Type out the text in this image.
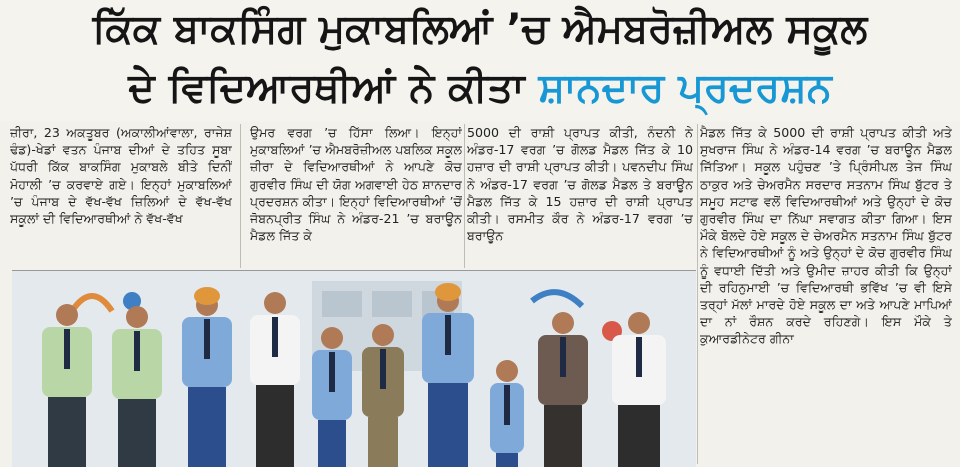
ਕਿੱਕ ਬਾਕਸਿੰਗ ਮੁਕਾਬਲਿਆਂ ’ਚ ਐਮਬਰੋਜ਼ੀਅਲ ਸਕੂਲ
ਦੇ ਵਿਦਿਆਰਥੀਆਂ ਨੇ ਕੀਤਾ ਸ਼ਾਨਦਾਰ ਪ੍ਰਦਰਸ਼ਨ

ਜ਼ੀਰਾ, 23 ਅਕਤੂਬਰ (ਅਕਾਲੀਆਂਵਾਲਾ, ਰਾਜੇਸ਼ ਢੰਡ)-ਖੇਡਾਂ ਵਤਨ ਪੰਜਾਬ ਦੀਆਂ ਦੇ ਤਹਿਤ ਸੂਬਾ ਪੱਧਰੀ ਕਿੱਕ ਬਾਕਸਿੰਗ ਮੁਕਾਬਲੇ ਬੀਤੇ ਦਿਨੀਂ ਮੋਹਾਲੀ ’ਚ ਕਰਵਾਏ ਗਏ। ਇਨ੍ਹਾਂ ਮੁਕਾਬਲਿਆਂ ’ਚ ਪੰਜਾਬ ਦੇ ਵੱਖ-ਵੱਖ ਜ਼ਿਲਿਆਂ ਦੇ ਵੱਖ-ਵੱਖ ਸਕੂਲਾਂ ਦੀ ਵਿਦਿਆਰਥੀਆਂ ਨੇ ਵੱਖ-ਵੱਖ

ਉਮਰ ਵਰਗ ’ਚ ਹਿੱਸਾ ਲਿਆ। ਇਨ੍ਹਾਂ ਮੁਕਾਬਲਿਆਂ ’ਚ ਐਮਬਰੋਜ਼ੀਅਲ ਪਬਲਿਕ ਸਕੂਲ ਜ਼ੀਰਾ ਦੇ ਵਿਦਿਆਰਥੀਆਂ ਨੇ ਆਪਣੇ ਕੋਚ ਗੁਰਵੀਰ ਸਿੰਘ ਦੀ ਯੋਗ ਅਗਵਾਈ ਹੇਠ ਸ਼ਾਨਦਾਰ ਪ੍ਰਦਰਸ਼ਨ ਕੀਤਾ। ਇਨ੍ਹਾਂ ਵਿਦਿਆਰਥੀਆਂ ’ਚੋਂ ਜੋਬਨਪ੍ਰੀਤ ਸਿੰਘ ਨੇ ਅੰਡਰ-21 ’ਚ ਬਰਾਊਨ ਮੈਡਲ ਜਿੱਤ ਕੇ

5000 ਦੀ ਰਾਸ਼ੀ ਪ੍ਰਾਪਤ ਕੀਤੀ, ਨੰਦਨੀ ਨੇ ਅੰਡਰ-17 ਵਰਗ ’ਚ ਗੋਲਡ ਮੈਡਲ ਜਿੱਤ ਕੇ 10 ਹਜ਼ਾਰ ਦੀ ਰਾਸ਼ੀ ਪ੍ਰਾਪਤ ਕੀਤੀ। ਪਵਨਦੀਪ ਸਿੰਘ ਨੇ ਅੰਡਰ-17 ਵਰਗ ’ਚ ਗੋਲਡ ਮੈਡਲ ਤੇ ਬਰਾਊਨ ਮੈਡਲ ਜਿੱਤ ਕੇ 15 ਹਜ਼ਾਰ ਦੀ ਰਾਸ਼ੀ ਪ੍ਰਾਪਤ ਕੀਤੀ। ਰਸਮੀਤ ਕੌਰ ਨੇ ਅੰਡਰ-17 ਵਰਗ ’ਚ ਬਰਾਊਨ

ਮੈਡਲ ਜਿੱਤ ਕੇ 5000 ਦੀ ਰਾਸ਼ੀ ਪ੍ਰਾਪਤ ਕੀਤੀ ਅਤੇ ਸੁਖਰਾਜ ਸਿੰਘ ਨੇ ਅੰਡਰ-14 ਵਰਗ ’ਚ ਬਰਾਊਨ ਮੈਡਲ ਜਿੱਤਿਆ। ਸਕੂਲ ਪਹੁੰਚਣ ’ਤੇ ਪ੍ਰਿੰਸੀਪਲ ਤੇਜ ਸਿੰਘ ਠਾਕੁਰ ਅਤੇ ਚੇਅਰਮੈਨ ਸਰਦਾਰ ਸਤਨਾਮ ਸਿੰਘ ਬੁੱਟਰ ਤੇ ਸਮੂਹ ਸਟਾਫ ਵਲੋਂ ਵਿਦਿਆਰਥੀਆਂ ਅਤੇ ਉਨ੍ਹਾਂ ਦੇ ਕੋਚ ਗੁਰਵੀਰ ਸਿੰਘ ਦਾ ਨਿੱਘਾ ਸਵਾਗਤ ਕੀਤਾ ਗਿਆ। ਇਸ ਮੌਕੇ ਬੋਲਦੇ ਹੋਏ ਸਕੂਲ ਦੇ ਚੇਅਰਮੈਨ ਸਤਨਾਮ ਸਿੰਘ ਬੁੱਟਰ ਨੇ ਵਿਦਿਆਰਥੀਆਂ ਨੂੰ ਅਤੇ ਉਨ੍ਹਾਂ ਦੇ ਕੋਚ ਗੁਰਵੀਰ ਸਿੰਘ ਨੂੰ ਵਧਾਈ ਦਿੱਤੀ ਅਤੇ ਉਮੀਦ ਜ਼ਾਹਰ ਕੀਤੀ ਕਿ ਉਨ੍ਹਾਂ ਦੀ ਰਹਿਨੁਮਾਈ ’ਚ ਵਿਦਿਆਰਥੀ ਭਵਿੱਖ ’ਚ ਵੀ ਇਸੇ ਤਰ੍ਹਾਂ ਮੱਲਾਂ ਮਾਰਦੇ ਹੋਏ ਸਕੂਲ ਦਾ ਅਤੇ ਆਪਣੇ ਮਾਪਿਆਂ ਦਾ ਨਾਂ ਰੌਸ਼ਨ ਕਰਦੇ ਰਹਿਣਗੇ। ਇਸ ਮੌਕੇ ਤੇ ਕੁਆਰਡੀਨੇਟਰ ਗੀਨਾ
